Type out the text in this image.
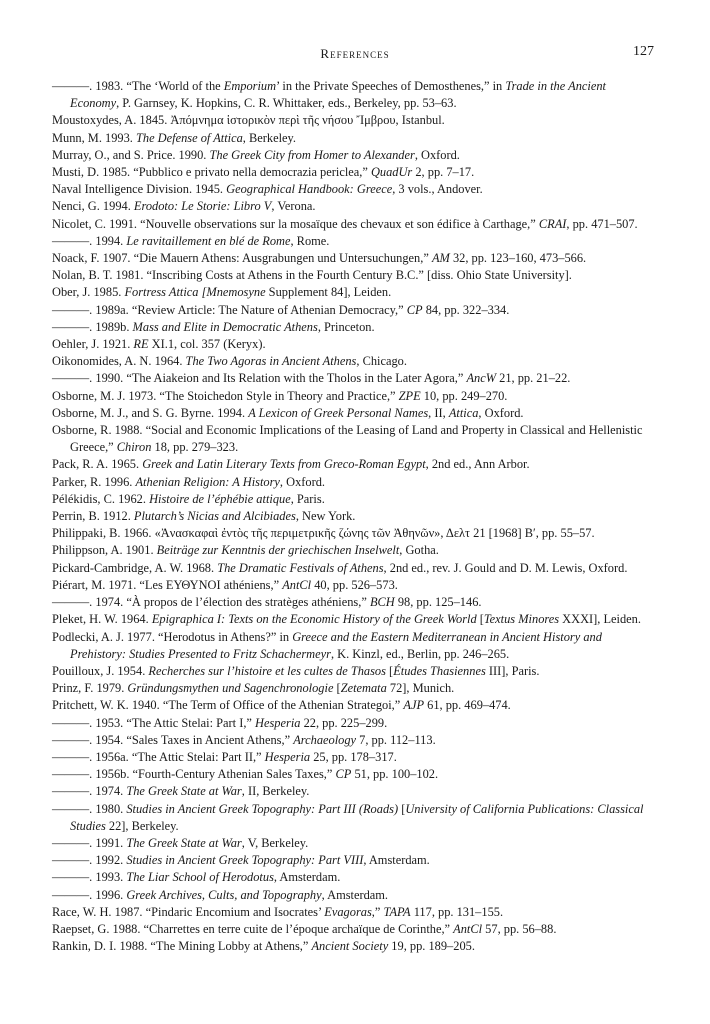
References	127

———. 1983. “The ‘World of the Emporium’ in the Private Speeches of Demosthenes,” in Trade in the Ancient Economy, P. Garnsey, K. Hopkins, C. R. Whittaker, eds., Berkeley, pp. 53–63.

Moustoxydes, A. 1845. Ἀπόμνημα ἱστορικὸν περὶ τῆς νήσου Ἴμβρου, Istanbul.

Munn, M. 1993. The Defense of Attica, Berkeley.

Murray, O., and S. Price. 1990. The Greek City from Homer to Alexander, Oxford.

Musti, D. 1985. “Pubblico e privato nella democrazia periclea,” QuadUr 2, pp. 7–17.

Naval Intelligence Division. 1945. Geographical Handbook: Greece, 3 vols., Andover.

Nenci, G. 1994. Erodoto: Le Storie: Libro V, Verona.

Nicolet, C. 1991. “Nouvelle observations sur la mosaïque des chevaux et son édifice à Carthage,” CRAI, pp. 471–507.

———. 1994. Le ravitaillement en blé de Rome, Rome.

Noack, F. 1907. “Die Mauern Athens: Ausgrabungen und Untersuchungen,” AM 32, pp. 123–160, 473–566.

Nolan, B. T. 1981. “Inscribing Costs at Athens in the Fourth Century B.C.” [diss. Ohio State University].

Ober, J. 1985. Fortress Attica [Mnemosyne Supplement 84], Leiden.

———. 1989a. “Review Article: The Nature of Athenian Democracy,” CP 84, pp. 322–334.

———. 1989b. Mass and Elite in Democratic Athens, Princeton.

Oehler, J. 1921. RE XI.1, col. 357 (Keryx).

Oikonomides, A. N. 1964. The Two Agoras in Ancient Athens, Chicago.

———. 1990. “The Aiakeion and Its Relation with the Tholos in the Later Agora,” AncW 21, pp. 21–22.

Osborne, M. J. 1973. “The Stoichedon Style in Theory and Practice,” ZPE 10, pp. 249–270.

Osborne, M. J., and S. G. Byrne. 1994. A Lexicon of Greek Personal Names, II, Attica, Oxford.

Osborne, R. 1988. “Social and Economic Implications of the Leasing of Land and Property in Classical and Hellenistic Greece,” Chiron 18, pp. 279–323.

Pack, R. A. 1965. Greek and Latin Literary Texts from Greco-Roman Egypt, 2nd ed., Ann Arbor.

Parker, R. 1996. Athenian Religion: A History, Oxford.

Pélékidis, C. 1962. Histoire de l’éphébie attique, Paris.

Perrin, B. 1912. Plutarch’s Nicias and Alcibiades, New York.

Philippaki, B. 1966. «Ἀνασκαφαὶ ἐντὸς τῆς περιμετρικῆς ζώνης τῶν Ἀθηνῶν», Δελτ 21 [1968] Β′, pp. 55–57.

Philippson, A. 1901. Beiträge zur Kenntnis der griechischen Inselwelt, Gotha.

Pickard-Cambridge, A. W. 1968. The Dramatic Festivals of Athens, 2nd ed., rev. J. Gould and D. M. Lewis, Oxford.

Piérart, M. 1971. “Les ΕΥΘΥΝΟΙ athéniens,” AntCl 40, pp. 526–573.

———. 1974. “À propos de l’élection des stratèges athéniens,” BCH 98, pp. 125–146.

Pleket, H. W. 1964. Epigraphica I: Texts on the Economic History of the Greek World [Textus Minores XXXI], Leiden.

Podlecki, A. J. 1977. “Herodotus in Athens?” in Greece and the Eastern Mediterranean in Ancient History and Prehistory: Studies Presented to Fritz Schachermeyr, K. Kinzl, ed., Berlin, pp. 246–265.

Pouilloux, J. 1954. Recherches sur l’histoire et les cultes de Thasos [Études Thasiennes III], Paris.

Prinz, F. 1979. Gründungsmythen und Sagenchronologie [Zetemata 72], Munich.

Pritchett, W. K. 1940. “The Term of Office of the Athenian Strategoi,” AJP 61, pp. 469–474.

———. 1953. “The Attic Stelai: Part I,” Hesperia 22, pp. 225–299.

———. 1954. “Sales Taxes in Ancient Athens,” Archaeology 7, pp. 112–113.

———. 1956a. “The Attic Stelai: Part II,” Hesperia 25, pp. 178–317.

———. 1956b. “Fourth-Century Athenian Sales Taxes,” CP 51, pp. 100–102.

———. 1974. The Greek State at War, II, Berkeley.

———. 1980. Studies in Ancient Greek Topography: Part III (Roads) [University of California Publications: Classical Studies 22], Berkeley.

———. 1991. The Greek State at War, V, Berkeley.

———. 1992. Studies in Ancient Greek Topography: Part VIII, Amsterdam.

———. 1993. The Liar School of Herodotus, Amsterdam.

———. 1996. Greek Archives, Cults, and Topography, Amsterdam.

Race, W. H. 1987. “Pindaric Encomium and Isocrates’ Evagoras,” TAPA 117, pp. 131–155.

Raepset, G. 1988. “Charrettes en terre cuite de l’époque archaïque de Corinthe,” AntCl 57, pp. 56–88.

Rankin, D. I. 1988. “The Mining Lobby at Athens,” Ancient Society 19, pp. 189–205.
